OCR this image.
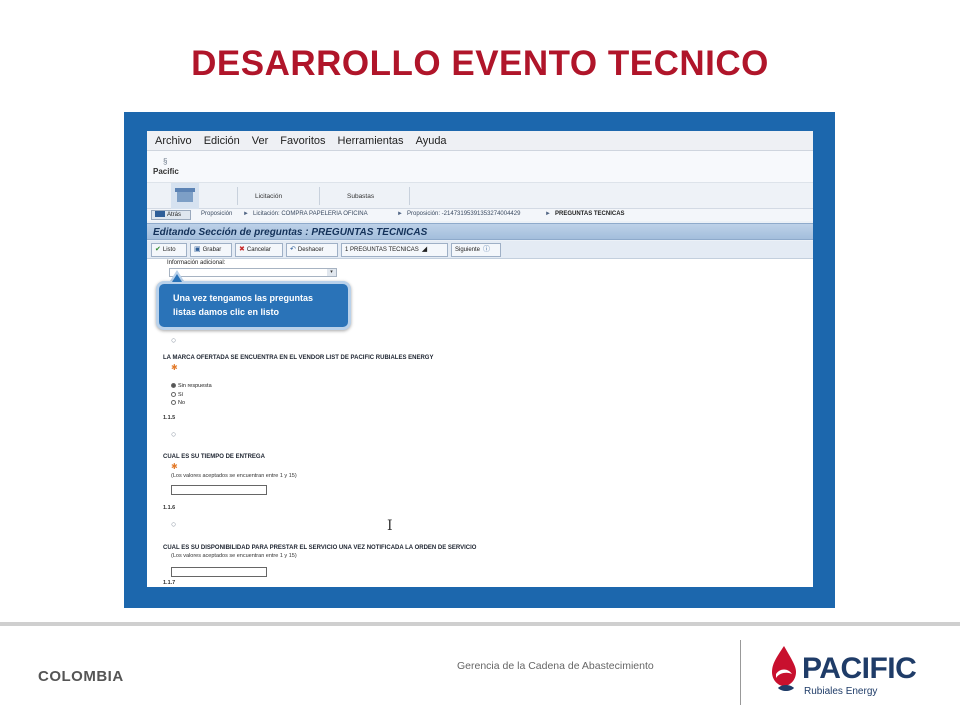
DESARROLLO EVENTO TECNICO
Archivo Edición Ver Favoritos Herramientas Ayuda
§
Pacific
Licitación	Subastas
Atrás	Proposición ► Licitación: COMPRA PAPELERIA OFICINA	► Proposición: -2147319539135327400442​9	► PREGUNTAS TECNICAS
Editando Sección de preguntas : PREGUNTAS TECNICAS
✔ Listo	▣ Grabar	✖ Cancelar	↶ Deshacer	1 PREGUNTAS TECNICAS ◢	Siguiente ⓘ
Información adicional:
▾
○
LA MARCA OFERTADA SE ENCUENTRA EN EL VENDOR LIST DE PACIFIC RUBIALES ENERGY
✱
Sin respuesta
Sí
No
1.1.5
○
CUAL ES SU TIEMPO DE ENTREGA
✱
(Los valores aceptados se encuentran entre 1 y 15)
1.1.6
○
CUAL ES SU DISPONIBILIDAD PARA PRESTAR EL SERVICIO UNA VEZ NOTIFICADA LA ORDEN DE SERVICIO
(Los valores aceptados se encuentran entre 1 y 15)
1.1.7
I
Una vez tengamos las preguntas listas damos clic en listo
COLOMBIA
Gerencia de la Cadena de Abastecimiento	PACIFIC
Rubiales Energy
